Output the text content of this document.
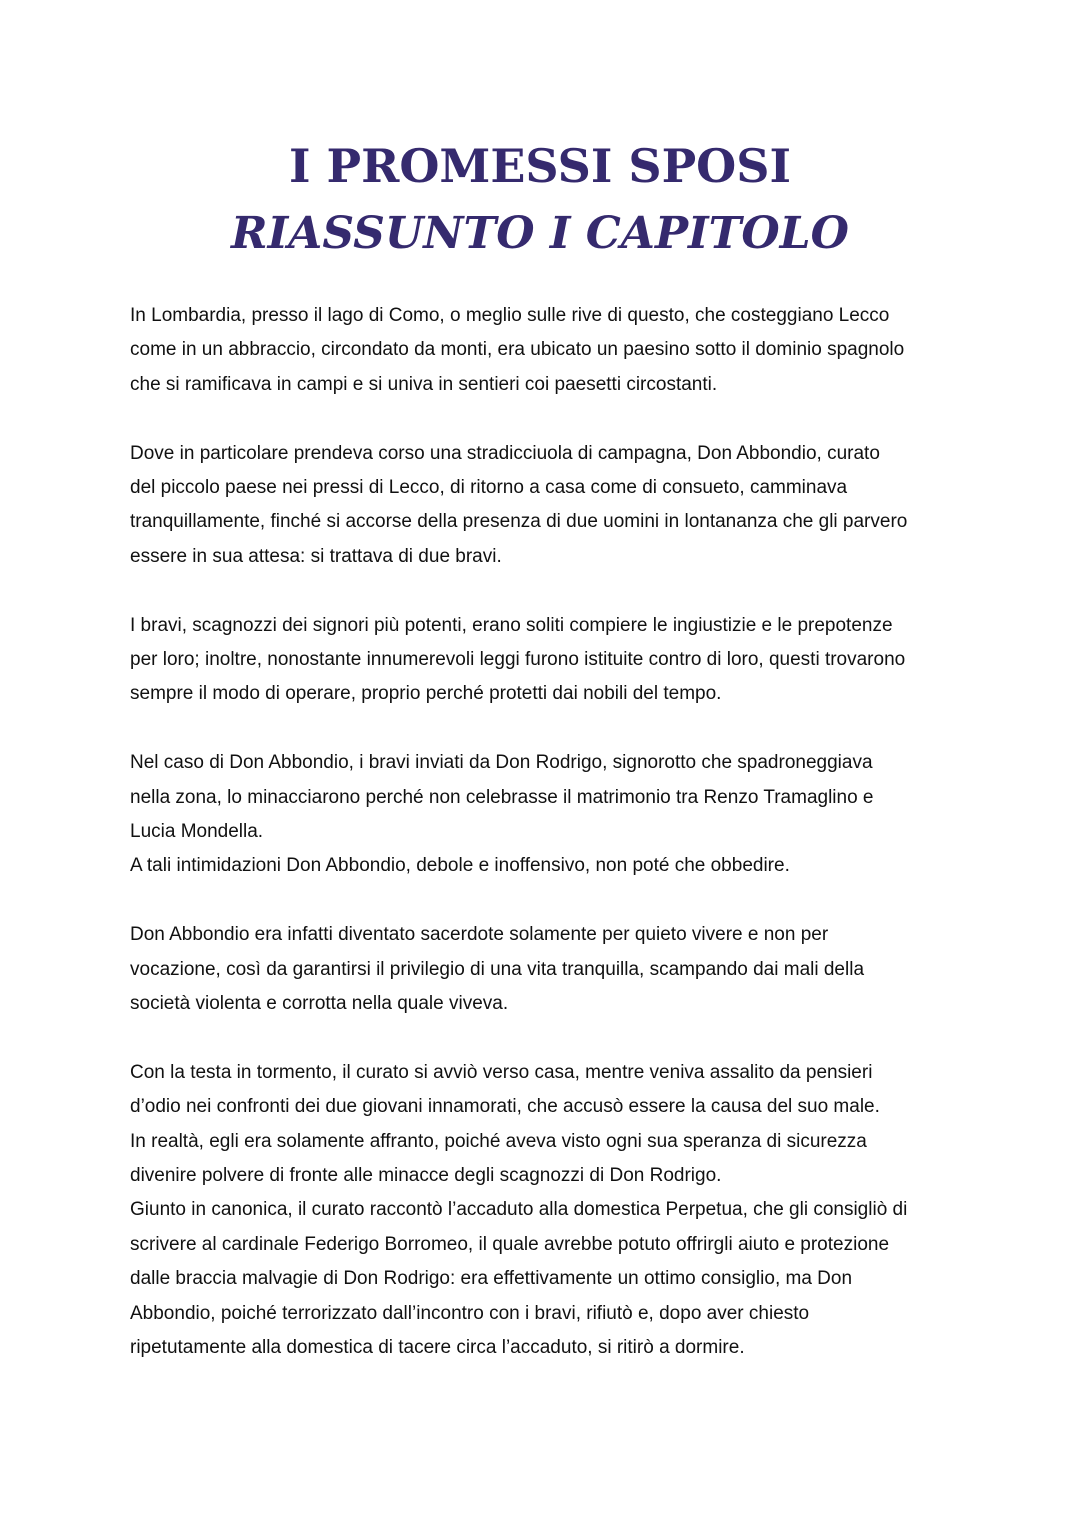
I PROMESSI SPOSI
RIASSUNTO I CAPITOLO

In Lombardia, presso il lago di Como, o meglio sulle rive di questo, che costeggiano Lecco
come in un abbraccio, circondato da monti, era ubicato un paesino sotto il dominio spagnolo
che si ramificava in campi e si univa in sentieri coi paesetti circostanti.

Dove in particolare prendeva corso una stradicciuola di campagna, Don Abbondio, curato
del piccolo paese nei pressi di Lecco, di ritorno a casa come di consueto, camminava
tranquillamente, finché si accorse della presenza di due uomini in lontananza che gli parvero
essere in sua attesa: si trattava di due bravi.

I bravi, scagnozzi dei signori più potenti, erano soliti compiere le ingiustizie e le prepotenze
per loro; inoltre, nonostante innumerevoli leggi furono istituite contro di loro, questi trovarono
sempre il modo di operare, proprio perché protetti dai nobili del tempo.

Nel caso di Don Abbondio, i bravi inviati da Don Rodrigo, signorotto che spadroneggiava
nella zona, lo minacciarono perché non celebrasse il matrimonio tra Renzo Tramaglino e
Lucia Mondella.
A tali intimidazioni Don Abbondio, debole e inoffensivo, non poté che obbedire.

Don Abbondio era infatti diventato sacerdote solamente per quieto vivere e non per
vocazione, così da garantirsi il privilegio di una vita tranquilla, scampando dai mali della
società violenta e corrotta nella quale viveva.

Con la testa in tormento, il curato si avviò verso casa, mentre veniva assalito da pensieri
d’odio nei confronti dei due giovani innamorati, che accusò essere la causa del suo male.
In realtà, egli era solamente affranto, poiché aveva visto ogni sua speranza di sicurezza
divenire polvere di fronte alle minacce degli scagnozzi di Don Rodrigo.
Giunto in canonica, il curato raccontò l’accaduto alla domestica Perpetua, che gli consigliò di
scrivere al cardinale Federigo Borromeo, il quale avrebbe potuto offrirgli aiuto e protezione
dalle braccia malvagie di Don Rodrigo: era effettivamente un ottimo consiglio, ma Don
Abbondio, poiché terrorizzato dall’incontro con i bravi, rifiutò e, dopo aver chiesto
ripetutamente alla domestica di tacere circa l’accaduto, si ritirò a dormire.
